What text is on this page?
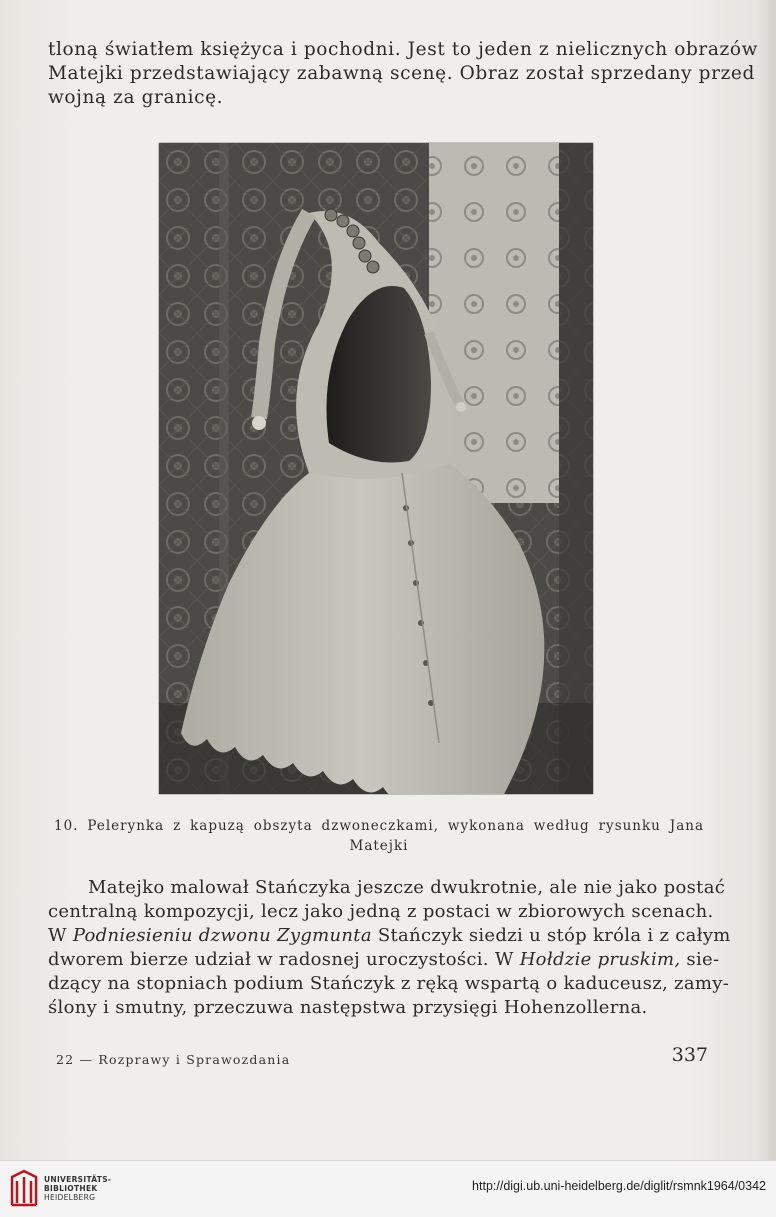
tloną światłem księżyca i pochodni. Jest to jeden z nielicznych obrazów
Matejki przedstawiający zabawną scenę. Obraz został sprzedany przed
wojną za granicę.

10. Pelerynka z kapuzą obszyta dzwoneczkami, wykonana według rysunku Jana
Matejki

Matejko malował Stańczyka jeszcze dwukrotnie, ale nie jako postać
centralną kompozycji, lecz jako jedną z postaci w zbiorowych scenach.
W Podniesieniu dzwonu Zygmunta Stańczyk siedzi u stóp króla i z całym
dworem bierze udział w radosnej uroczystości. W Hołdzie pruskim, sie-
dzący na stopniach podium Stańczyk z ręką wspartą o kaduceusz, zamy-
ślony i smutny, przeczuwa następstwa przysięgi Hohenzollerna.

22 — Rozprawy i Sprawozdania	337
UNIVERSITÄTS-
BIBLIOTHEK
HEIDELBERG
http://digi.ub.uni-heidelberg.de/diglit/rsmnk1964/0342
